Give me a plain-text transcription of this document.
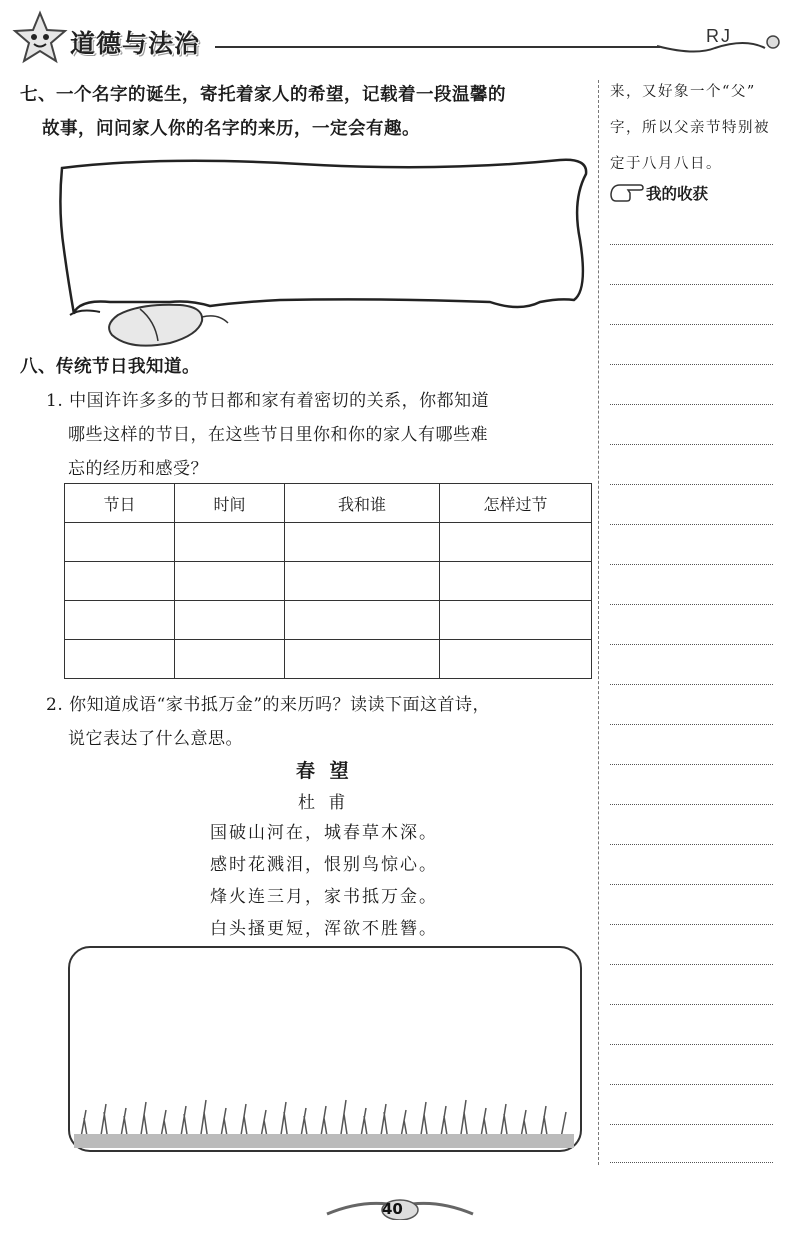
道德与法治	RJ
来，又好象一个“父”
字，所以父亲节特别被
定于八月八日。
我的收获
七、一个名字的诞生，寄托着家人的希望，记载着一段温馨的
故事，问问家人你的名字的来历，一定会有趣。
八、传统节日我知道。
1. 中国许许多多的节日都和家有着密切的关系，你都知道
哪些这样的节日，在这些节日里你和你的家人有哪些难
忘的经历和感受？
节日	时间	我和谁	怎样过节

2. 你知道成语“家书抵万金”的来历吗？读读下面这首诗，
说它表达了什么意思。
春 望
杜 甫
国破山河在，城春草木深。
感时花溅泪，恨别鸟惊心。
烽火连三月，家书抵万金。
白头搔更短，浑欲不胜簪。
40
